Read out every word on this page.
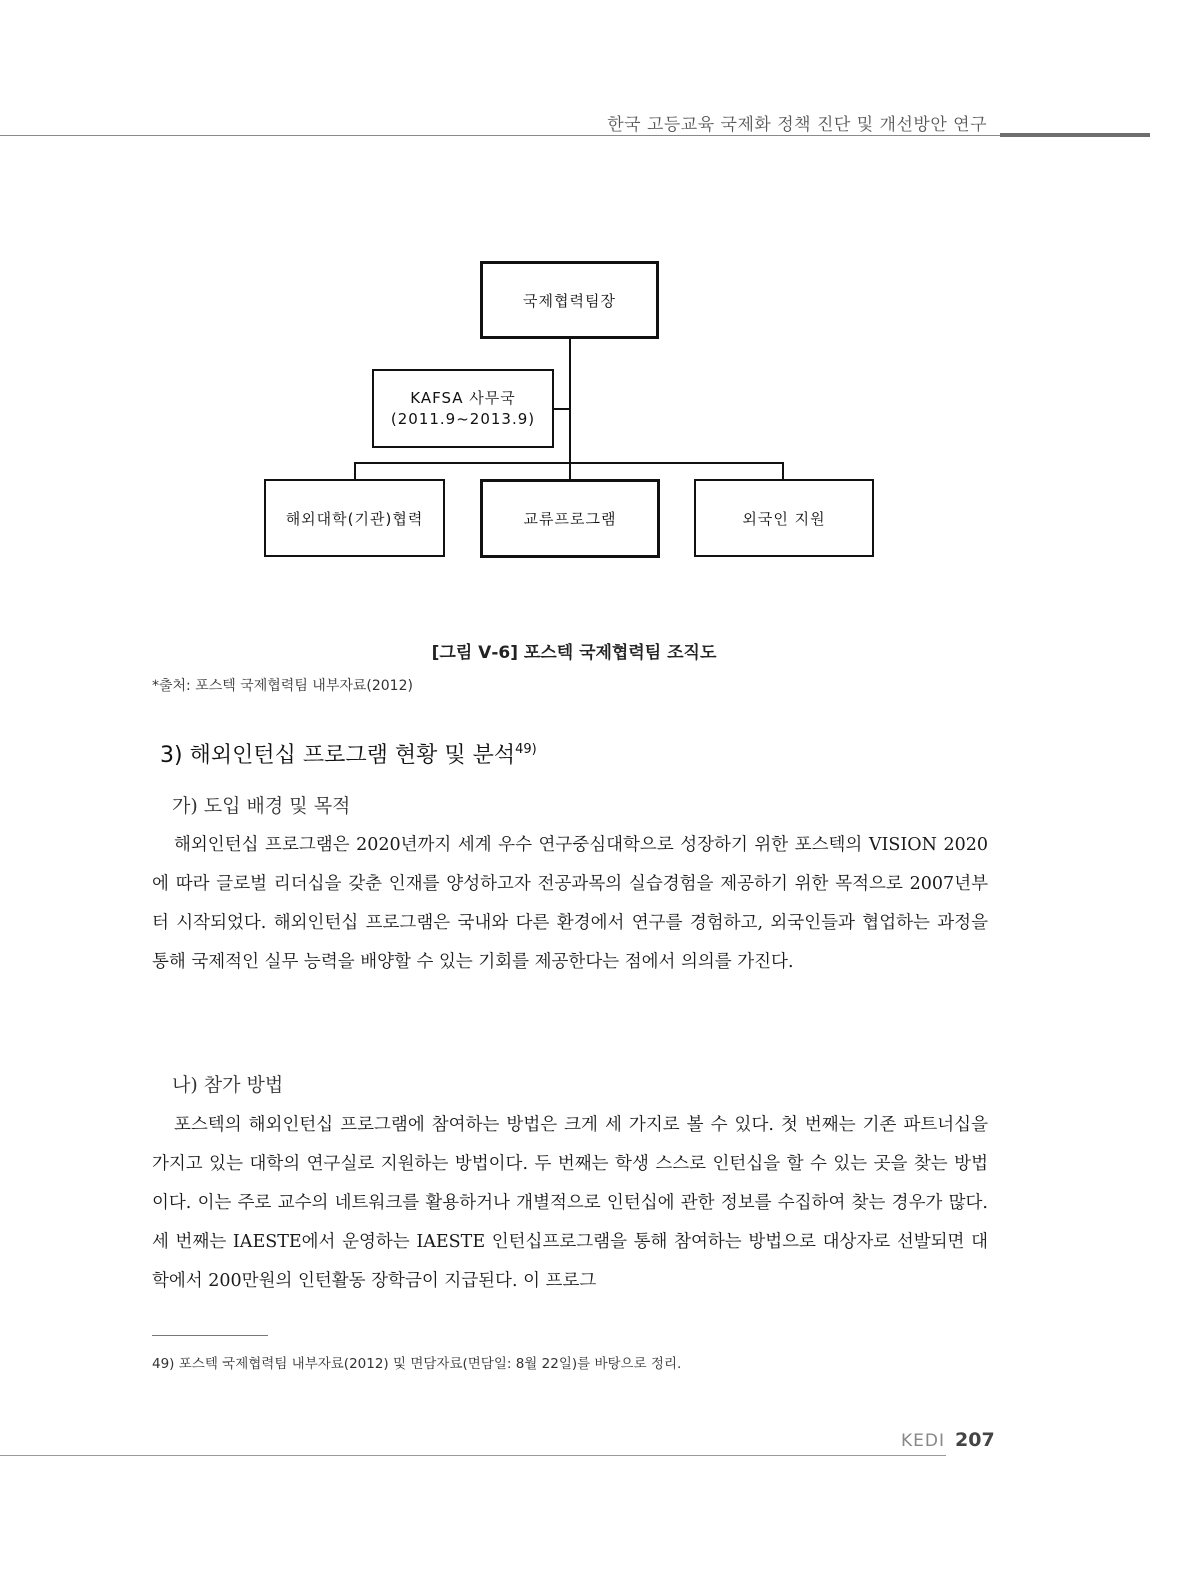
한국 고등교육 국제화 정책 진단 및 개선방안 연구
국제협력팀장
KAFSA 사무국
(2011.9~2013.9)
해외대학(기관)협력	교류프로그램	외국인 지원
[그림 Ⅴ-6] 포스텍 국제협력팀 조직도
*출처: 포스텍 국제협력팀 내부자료(2012)
3) 해외인턴십 프로그램 현황 및 분석$^{49)}$
가) 도입 배경 및 목적
해외인턴십 프로그램은 2020년까지 세계 우수 연구중심대학으로 성장하기 위한 포스텍의 VISION 2020에 따라 글로벌 리더십을 갖춘 인재를 양성하고자 전공과목의 실습경험을 제공하기 위한 목적으로 2007년부터 시작되었다. 해외인턴십 프로그램은 국내와 다른 환경에서 연구를 경험하고, 외국인들과 협업하는 과정을 통해 국제적인 실무 능력을 배양할 수 있는 기회를 제공한다는 점에서 의의를 가진다.
나) 참가 방법
포스텍의 해외인턴십 프로그램에 참여하는 방법은 크게 세 가지로 볼 수 있다. 첫 번째는 기존 파트너십을 가지고 있는 대학의 연구실로 지원하는 방법이다. 두 번째는 학생 스스로 인턴십을 할 수 있는 곳을 찾는 방법이다. 이는 주로 교수의 네트워크를 활용하거나 개별적으로 인턴십에 관한 정보를 수집하여 찾는 경우가 많다. 세 번째는 IAESTE에서 운영하는 IAESTE 인턴십프로그램을 통해 참여하는 방법으로 대상자로 선발되면 대학에서 200만원의 인턴활동 장학금이 지급된다. 이 프로그
49) 포스텍 국제협력팀 내부자료(2012) 및 면담자료(면담일: 8월 22일)를 바탕으로 정리.
KEDI 207
